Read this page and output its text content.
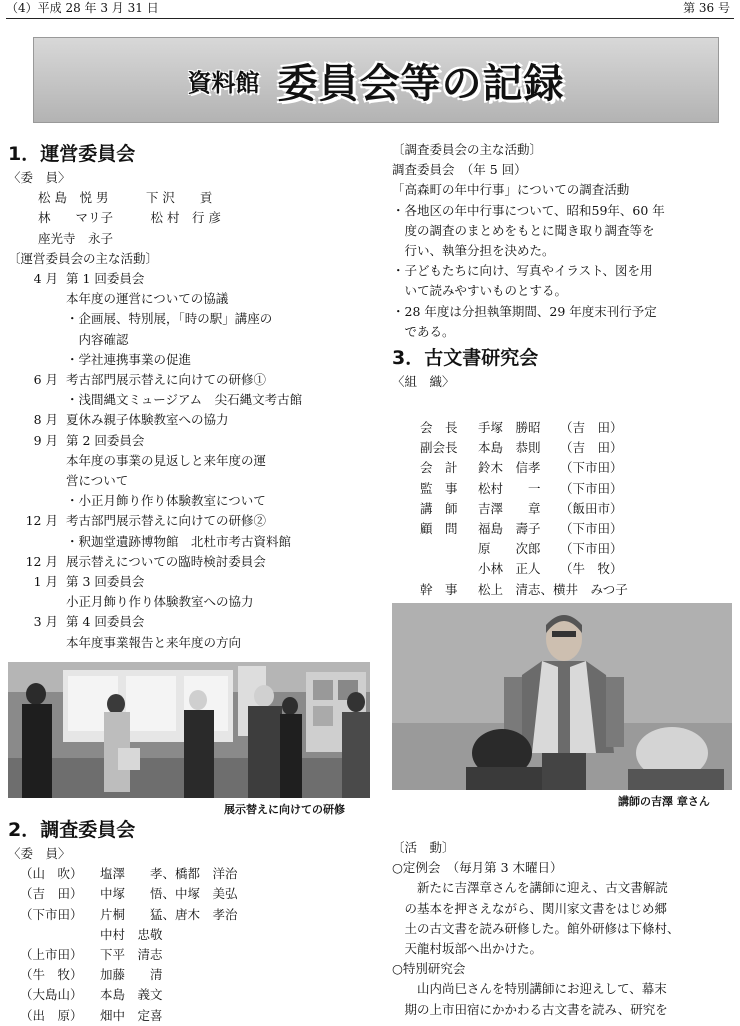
（4）平成 28 年 3 月 31 日	第 36 号
資料館 委員会等の記録
1．運営委員会
〈委　員〉
松 島　悦 男　　　下 沢　　貢
林　　マリ子　　　松 村　行 彦
座光寺　永子
〔運営委員会の主な活動〕
4 月 第 1 回委員会
本年度の運営についての協議
・企画展、特別展，「時の駅」講座の
　内容確認
・学社連携事業の促進
6 月 考古部門展示替えに向けての研修①
・浅間縄文ミュージアム　尖石縄文考古館
8 月 夏休み親子体験教室への協力
9 月 第 2 回委員会
本年度の事業の見返しと来年度の運
営について
・小正月飾り作り体験教室について
12 月 考古部門展示替えに向けての研修②
・釈迦堂遺跡博物館　北杜市考古資料館
12 月 展示替えについての臨時検討委員会
1 月 第 3 回委員会
小正月飾り作り体験教室への協力
3 月 第 4 回委員会
本年度事業報告と来年度の方向
展示替えに向けての研修
2．調査委員会
〈委　員〉
（山　吹）	塩澤　　孝、橋都　洋治
（吉　田）	中塚　　悟、中塚　美弘
（下市田）	片桐　　猛、唐木　孝治
中村　忠敬
（上市田）	下平　清志
（牛　牧）	加藤　　清
（大島山）	本島　義文
（出　原）	畑中　定喜
〔調査委員会の主な活動〕
調査委員会　（年 5 回）
「高森町の年中行事」についての調査活動
・各地区の年中行事について、昭和59年、60 年
　度の調査のまとめをもとに聞き取り調査等を
　行い、執筆分担を決めた。
・子どもたちに向け、写真やイラスト、図を用
　いて読みやすいものとする。
・28 年度は分担執筆期間、29 年度末刊行予定
　である。
3．古文書研究会
〈組　織〉
会　長	手塚　勝昭	（吉　田）
副会長	本島　恭則	（吉　田）
会　計	鈴木　信孝	（下市田）
監　事	松村　　一	（下市田）
講　師	吉澤　　章	（飯田市）
顧　問	福島　壽子	（下市田）
原　　次郎	（下市田）
小林　正人	（牛　牧）
幹　事	松上　清志、横井　みつ子
講師の吉澤 章さん
〔活　動〕
○定例会　（毎月第 3 木曜日）
　　新たに吉澤章さんを講師に迎え、古文書解読
　の基本を押さえながら、関川家文書をはじめ郷
　土の古文書を読み研修した。館外研修は下條村、
　天龍村坂部へ出かけた。
○特別研究会
　　山内尚巳さんを特別講師にお迎えして、幕末
　期の上市田宿にかかわる古文書を読み、研究を
